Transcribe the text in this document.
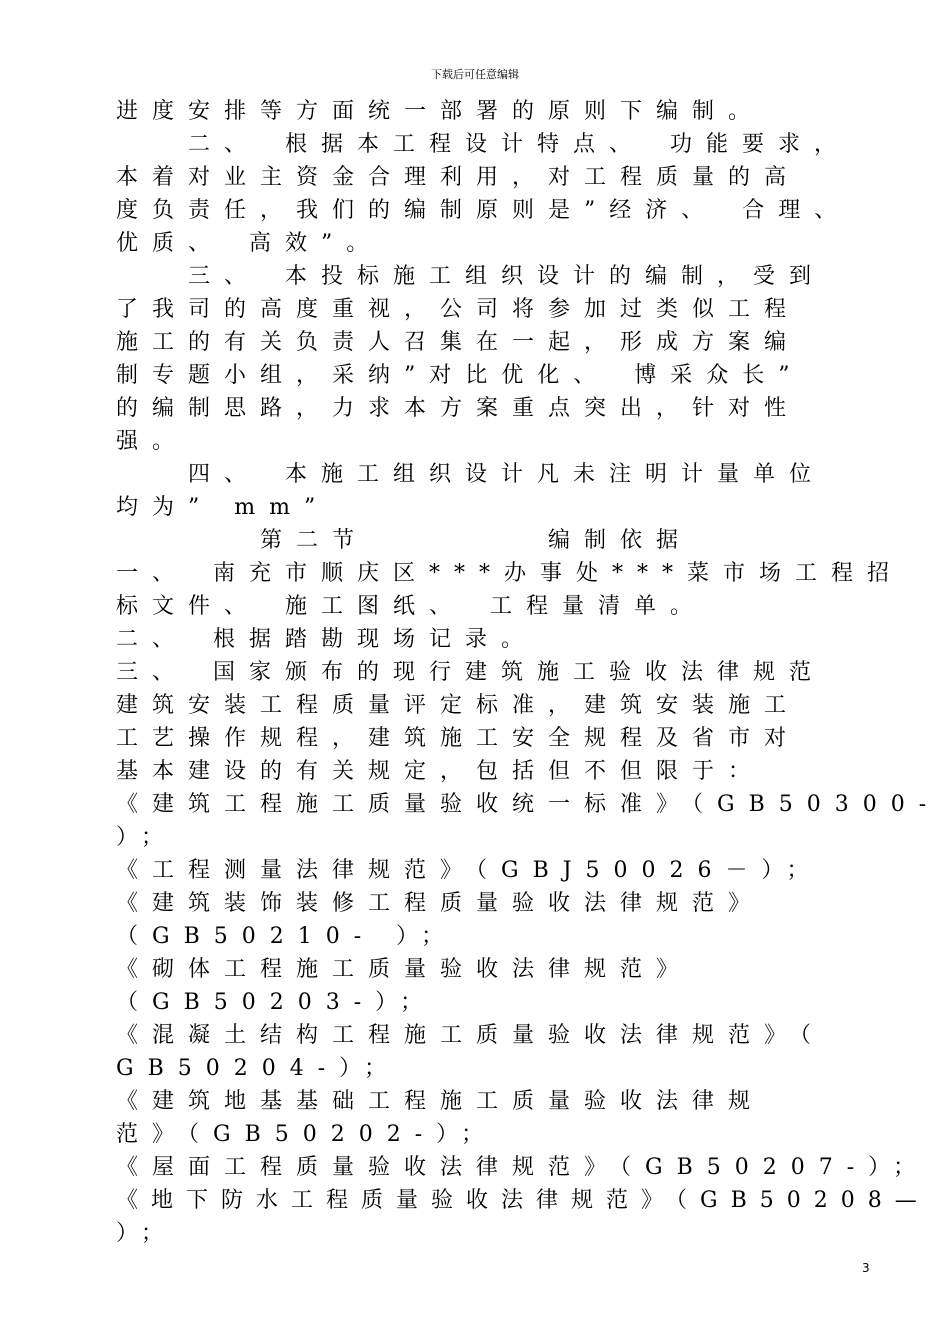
下载后可任意编辑
进度安排等方面统一部署的原则下编制。
　　二、　根据本工程设计特点、　功能要求，
本着对业主资金合理利用，对工程质量的高
度负责任，我们的编制原则是”经济、　合理、
优质、　高效”。
　　三、　本投标施工组织设计的编制，受到
了我司的高度重视，公司将参加过类似工程
施工的有关负责人召集在一起，形成方案编
制专题小组，采纳”对比优化、　博采众长”
的编制思路，力求本方案重点突出，针对性
强。
　　四、　本施工组织设计凡未注明计量单位
均为” mm”
　　　　第二节　　　　　编制依据
一、　南充市顺庆区***办事处***菜市场工程招
标文件、　施工图纸、　工程量清单。
二、　根据踏勘现场记录。
三、　国家颁布的现行建筑施工验收法律规范
建筑安装工程质量评定标准，建筑安装施工
工艺操作规程，建筑施工安全规程及省市对
基本建设的有关规定，包括但不但限于：
《建筑工程施工质量验收统一标准》（GB50300-
）；
《工程测量法律规范》（GBJ50026－）；
《建筑装饰装修工程质量验收法律规范》
（GB50210- ）；
《砌体工程施工质量验收法律规范》
（GB50203-）；
《混凝土结构工程施工质量验收法律规范》（
GB50204-）；
《建筑地基基础工程施工质量验收法律规
范》（GB50202-）；
《屋面工程质量验收法律规范》（GB50207-）；
《地下防水工程质量验收法律规范》（GB50208—
）；
3
